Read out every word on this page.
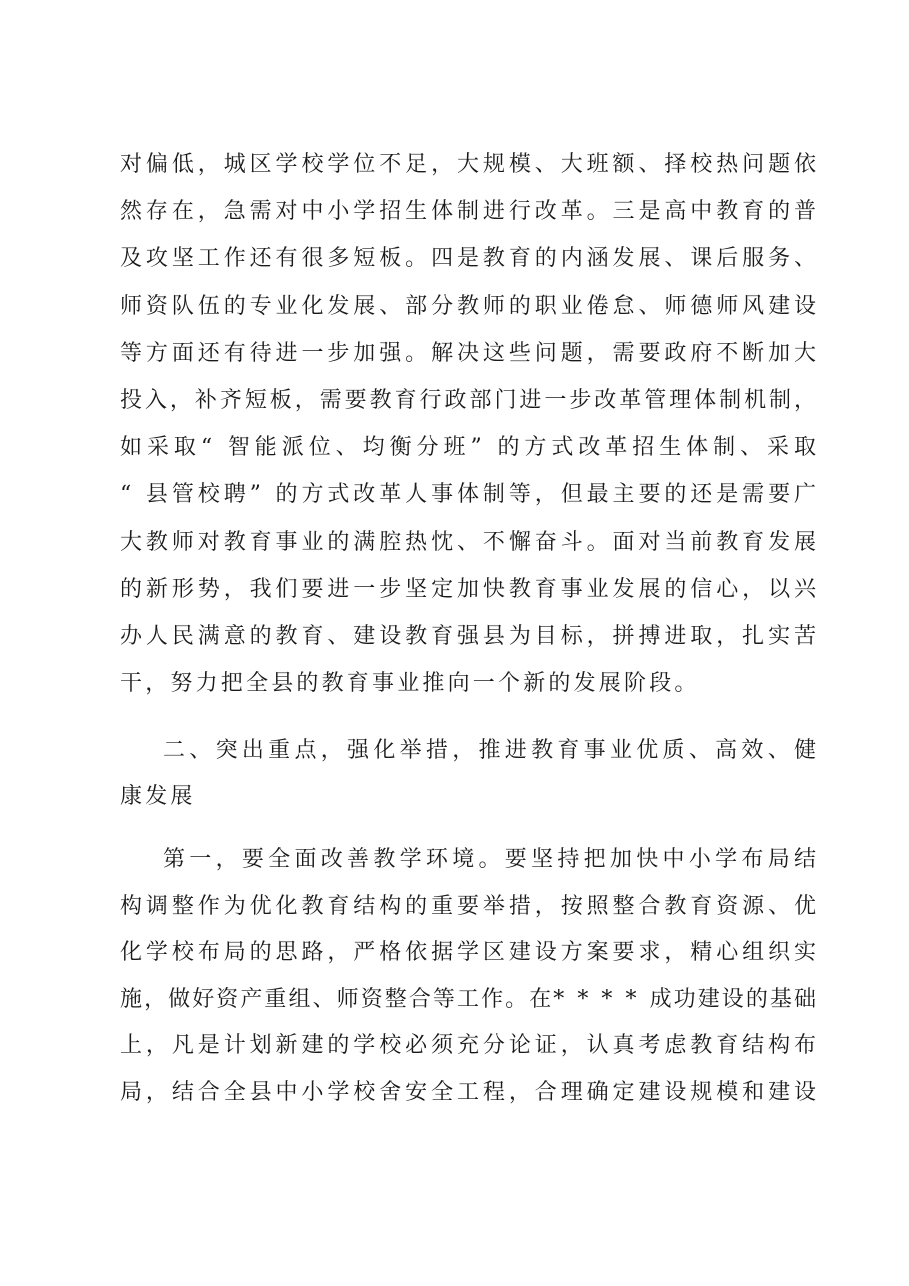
对 偏 低 ， 城 区 学 校 学 位 不 足 ， 大 规 模 、 大 班 额 、 择 校 热 问 题 依
然 存 在 ， 急 需 对 中 小 学 招 生 体 制 进 行 改 革 。 三 是 高 中 教 育 的 普
及 攻 坚 工 作 还 有 很 多 短 板 。 四 是 教 育 的 内 涵 发 展 、 课 后 服 务 、
师 资 队 伍 的 专 业 化 发 展 、 部 分 教 师 的 职 业 倦 怠 、 师 德 师 风 建 设
等 方 面 还 有 待 进 一 步 加 强 。 解 决 这 些 问 题 ， 需 要 政 府 不 断 加 大
投 入 ， 补 齐 短 板 ， 需 要 教 育 行 政 部 门 进 一 步 改 革 管 理 体 制 机 制 ，
如 采 取 “ 智 能 派 位 、 均 衡 分 班 ” 的 方 式 改 革 招 生 体 制 、 采 取
“ 县 管 校 聘 ” 的 方 式 改 革 人 事 体 制 等 ， 但 最 主 要 的 还 是 需 要 广
大 教 师 对 教 育 事 业 的 满 腔 热 忱 、 不 懈 奋 斗 。 面 对 当 前 教 育 发 展
的 新 形 势 ， 我 们 要 进 一 步 坚 定 加 快 教 育 事 业 发 展 的 信 心 ， 以 兴
办 人 民 满 意 的 教 育 、 建 设 教 育 强 县 为 目 标 ， 拼 搏 进 取 ， 扎 实 苦
干 ， 努 力 把 全 县 的 教 育 事 业 推 向 一 个 新 的 发 展 阶 段 。
二 、 突 出 重 点 ， 强 化 举 措 ， 推 进 教 育 事 业 优 质 、 高 效 、 健
康 发 展
第 一 ， 要 全 面 改 善 教 学 环 境 。 要 坚 持 把 加 快 中 小 学 布 局 结
构 调 整 作 为 优 化 教 育 结 构 的 重 要 举 措 ， 按 照 整 合 教 育 资 源 、 优
化 学 校 布 局 的 思 路 ， 严 格 依 据 学 区 建 设 方 案 要 求 ， 精 心 组 织 实
施 ， 做 好 资 产 重 组 、 师 资 整 合 等 工 作 。 在 * * * * 成 功 建 设 的 基 础
上 ， 凡 是 计 划 新 建 的 学 校 必 须 充 分 论 证 ， 认 真 考 虑 教 育 结 构 布
局 ， 结 合 全 县 中 小 学 校 舍 安 全 工 程 ， 合 理 确 定 建 设 规 模 和 建 设
